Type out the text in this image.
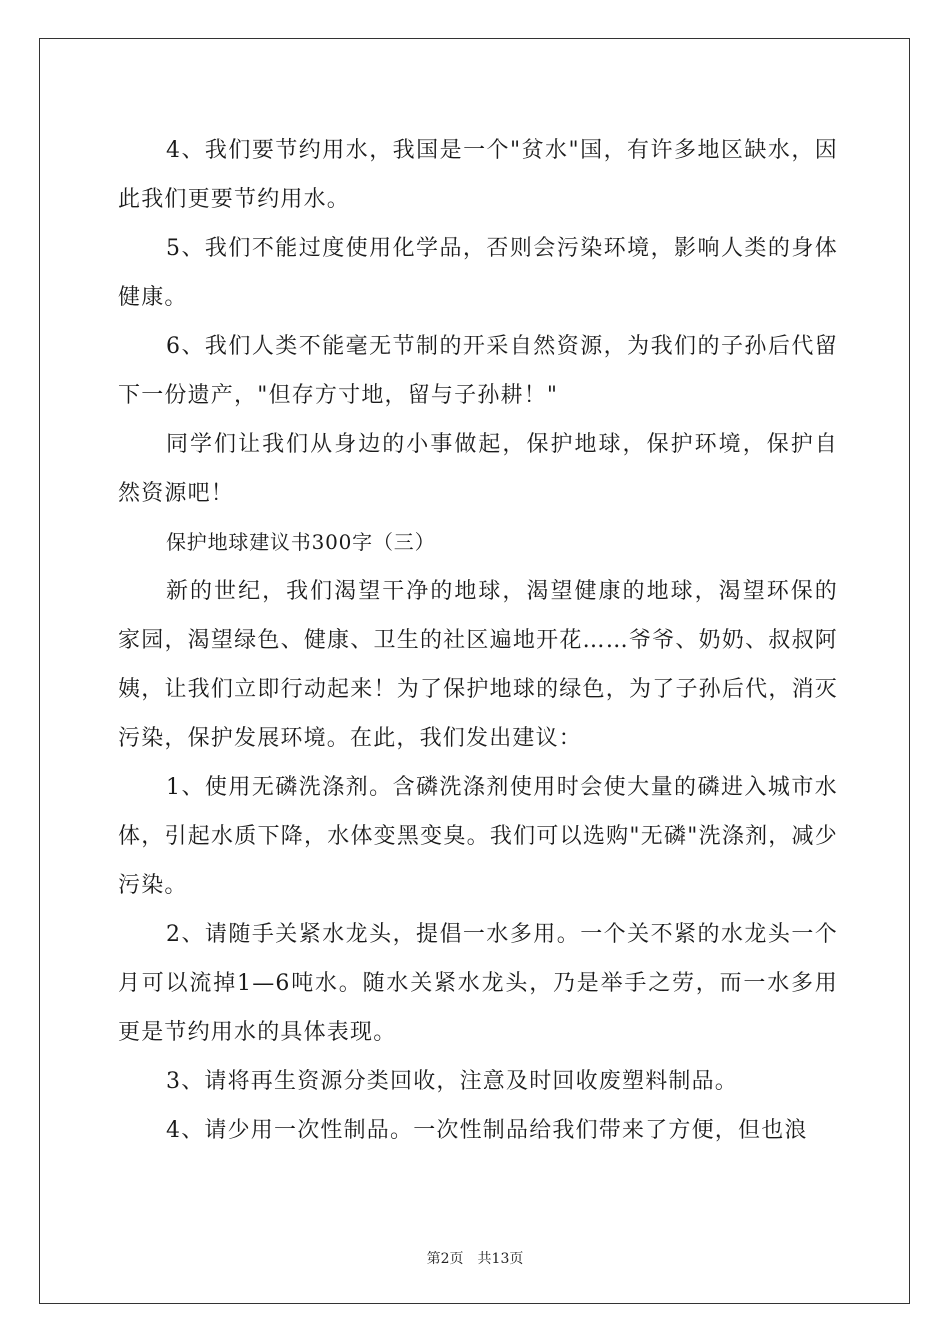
4、我们要节约用水，我国是一个"贫水"国，有许多地区缺水，因此我们更要节约用水。

5、我们不能过度使用化学品，否则会污染环境，影响人类的身体健康。

6、我们人类不能毫无节制的开采自然资源，为我们的子孙后代留下一份遗产，"但存方寸地，留与子孙耕！"

同学们让我们从身边的小事做起，保护地球，保护环境，保护自然资源吧！

保护地球建议书300字（三）

新的世纪，我们渴望干净的地球，渴望健康的地球，渴望环保的家园，渴望绿色、健康、卫生的社区遍地开花……爷爷、奶奶、叔叔阿姨，让我们立即行动起来！为了保护地球的绿色，为了子孙后代，消灭污染，保护发展环境。在此，我们发出建议：

1、使用无磷洗涤剂。含磷洗涤剂使用时会使大量的磷进入城市水体，引起水质下降，水体变黑变臭。我们可以选购"无磷"洗涤剂，减少污染。

2、请随手关紧水龙头，提倡一水多用。一个关不紧的水龙头一个月可以流掉1—6吨水。随水关紧水龙头，乃是举手之劳，而一水多用更是节约用水的具体表现。

3、请将再生资源分类回收，注意及时回收废塑料制品。

4、请少用一次性制品。一次性制品给我们带来了方便，但也浪

第2页　共13页
